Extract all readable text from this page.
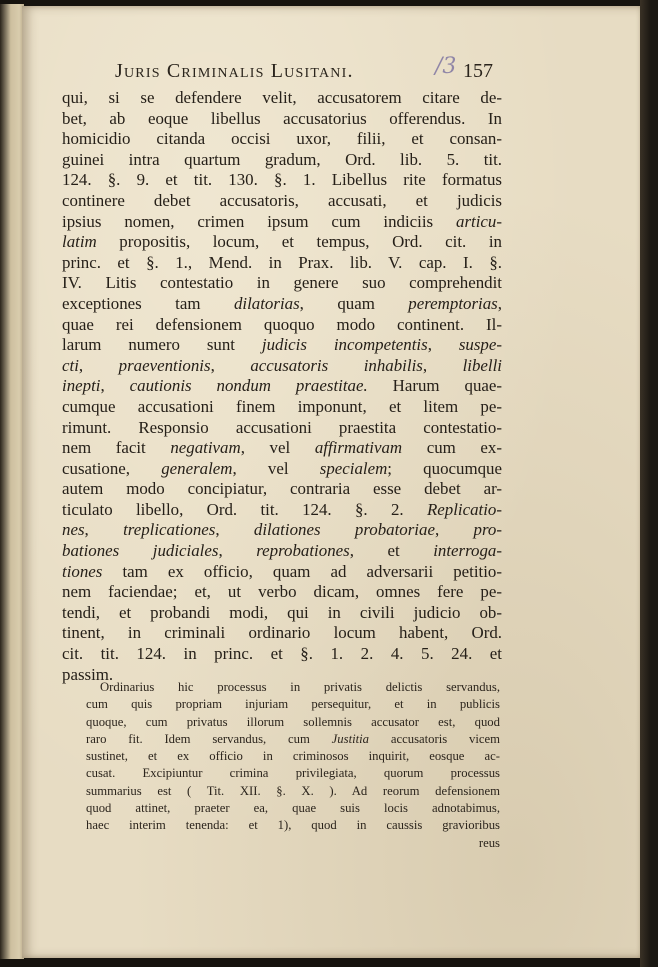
Juris Criminalis Lusitani.	/3 157
qui, si se defendere velit, accusatorem citare de-
bet, ab eoque libellus accusatorius offerendus. In
homicidio citanda occisi uxor, filii, et consan-
guinei intra quartum gradum, Ord. lib. 5. tit.
124. §. 9. et tit. 130. §. 1. Libellus rite formatus
continere debet accusatoris, accusati, et judicis
ipsius nomen, crimen ipsum cum indiciis articu-
latim propositis, locum, et tempus, Ord. cit. in
princ. et §. 1., Mend. in Prax. lib. V. cap. I. §.
IV. Litis contestatio in genere suo comprehendit
exceptiones tam dilatorias, quam peremptorias,
quae rei defensionem quoquo modo continent. Il-
larum numero sunt judicis incompetentis, suspe-
cti, praeventionis, accusatoris inhabilis, libelli
inepti, cautionis nondum praestitae. Harum quae-
cumque accusationi finem imponunt, et litem pe-
rimunt. Responsio accusationi praestita contestatio-
nem facit negativam, vel affirmativam cum ex-
cusatione, generalem, vel specialem; quocumque
autem modo concipiatur, contraria esse debet ar-
ticulato libello, Ord. tit. 124. §. 2. Replicatio-
nes, treplicationes, dilationes probatoriae, pro-
bationes judiciales, reprobationes, et interroga-
tiones tam ex officio, quam ad adversarii petitio-
nem faciendae; et, ut verbo dicam, omnes fere pe-
tendi, et probandi modi, qui in civili judicio ob-
tinent, in criminali ordinario locum habent, Ord.
cit. tit. 124. in princ. et §. 1. 2. 4. 5. 24. et
passim.
Ordinarius hic processus in privatis delictis servandus,
cum quis propriam injuriam persequitur, et in publicis
quoque, cum privatus illorum sollemnis accusator est, quod
raro fit. Idem servandus, cum Justitia accusatoris vicem
sustinet, et ex officio in criminosos inquirit, eosque ac-
cusat. Excipiuntur crimina privilegiata, quorum processus
summarius est ( Tit. XII. §. X. ). Ad reorum defensionem
quod attinet, praeter ea, quae suis locis adnotabimus,
haec interim tenenda: et 1), quod in caussis gravioribus
reus
